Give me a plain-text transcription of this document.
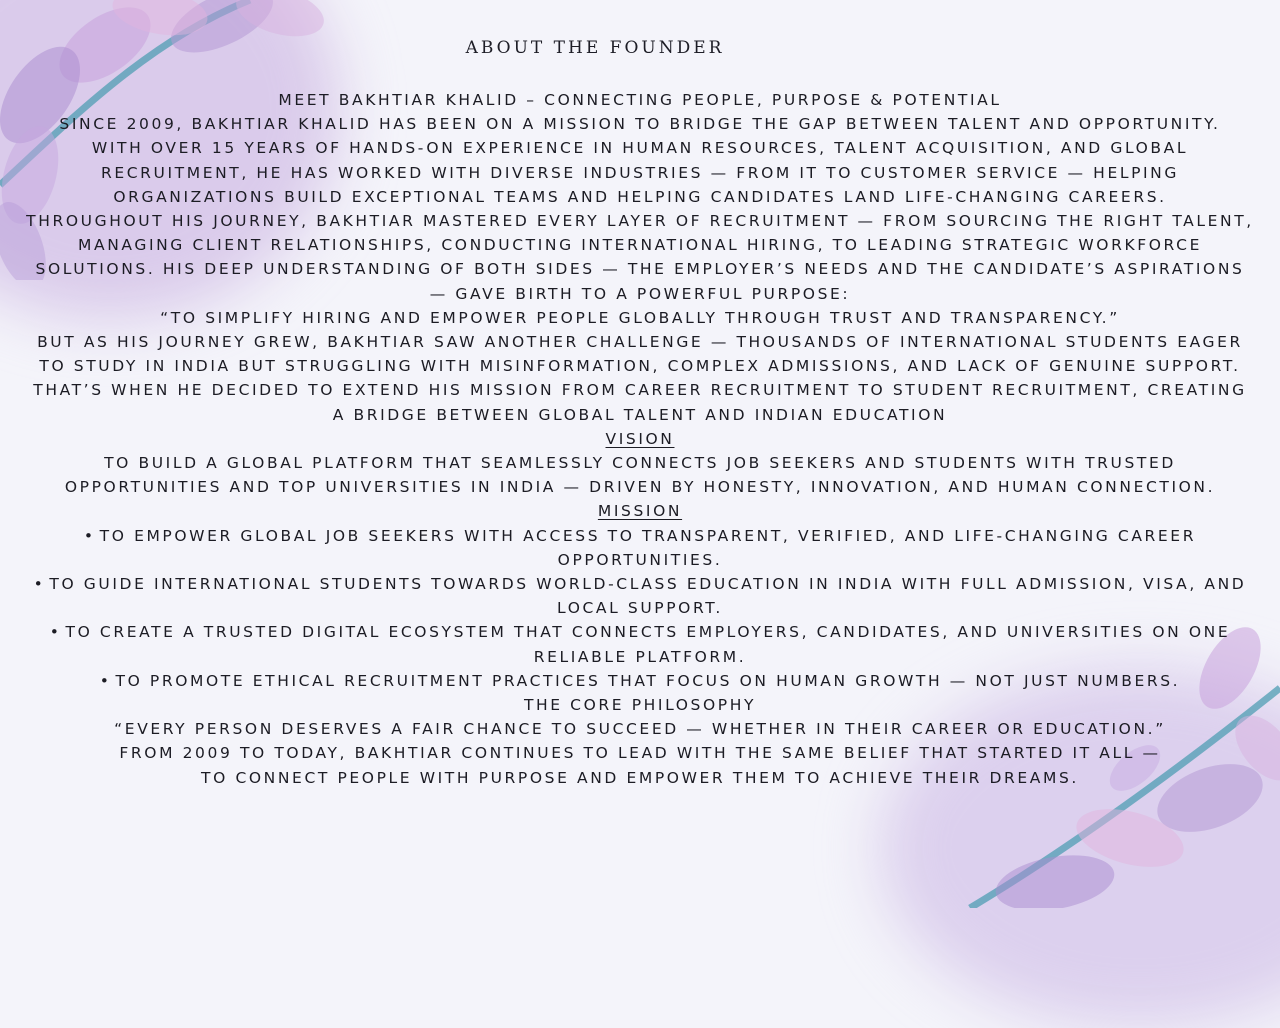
ABOUT THE FOUNDER

MEET BAKHTIAR KHALID – CONNECTING PEOPLE, PURPOSE & POTENTIAL

SINCE 2009, BAKHTIAR KHALID HAS BEEN ON A MISSION TO BRIDGE THE GAP BETWEEN TALENT AND OPPORTUNITY.

WITH OVER 15 YEARS OF HANDS-ON EXPERIENCE IN HUMAN RESOURCES, TALENT ACQUISITION, AND GLOBAL RECRUITMENT, HE HAS WORKED WITH DIVERSE INDUSTRIES — FROM IT TO CUSTOMER SERVICE — HELPING ORGANIZATIONS BUILD EXCEPTIONAL TEAMS AND HELPING CANDIDATES LAND LIFE-CHANGING CAREERS.

THROUGHOUT HIS JOURNEY, BAKHTIAR MASTERED EVERY LAYER OF RECRUITMENT — FROM SOURCING THE RIGHT TALENT, MANAGING CLIENT RELATIONSHIPS, CONDUCTING INTERNATIONAL HIRING, TO LEADING STRATEGIC WORKFORCE SOLUTIONS. HIS DEEP UNDERSTANDING OF BOTH SIDES — THE EMPLOYER’S NEEDS AND THE CANDIDATE’S ASPIRATIONS — GAVE BIRTH TO A POWERFUL PURPOSE:

“TO SIMPLIFY HIRING AND EMPOWER PEOPLE GLOBALLY THROUGH TRUST AND TRANSPARENCY.”

BUT AS HIS JOURNEY GREW, BAKHTIAR SAW ANOTHER CHALLENGE — THOUSANDS OF INTERNATIONAL STUDENTS EAGER TO STUDY IN INDIA BUT STRUGGLING WITH MISINFORMATION, COMPLEX ADMISSIONS, AND LACK OF GENUINE SUPPORT.

THAT’S WHEN HE DECIDED TO EXTEND HIS MISSION FROM CAREER RECRUITMENT TO STUDENT RECRUITMENT, CREATING A BRIDGE BETWEEN GLOBAL TALENT AND INDIAN EDUCATION

VISION

TO BUILD A GLOBAL PLATFORM THAT SEAMLESSLY CONNECTS JOB SEEKERS AND STUDENTS WITH TRUSTED OPPORTUNITIES AND TOP UNIVERSITIES IN INDIA — DRIVEN BY HONESTY, INNOVATION, AND HUMAN CONNECTION.

MISSION
• TO EMPOWER GLOBAL JOB SEEKERS WITH ACCESS TO TRANSPARENT, VERIFIED, AND LIFE-CHANGING CAREER OPPORTUNITIES.
• TO GUIDE INTERNATIONAL STUDENTS TOWARDS WORLD-CLASS EDUCATION IN INDIA WITH FULL ADMISSION, VISA, AND LOCAL SUPPORT.
• TO CREATE A TRUSTED DIGITAL ECOSYSTEM THAT CONNECTS EMPLOYERS, CANDIDATES, AND UNIVERSITIES ON ONE RELIABLE PLATFORM.
• TO PROMOTE ETHICAL RECRUITMENT PRACTICES THAT FOCUS ON HUMAN GROWTH — NOT JUST NUMBERS.

THE CORE PHILOSOPHY

“EVERY PERSON DESERVES A FAIR CHANCE TO SUCCEED — WHETHER IN THEIR CAREER OR EDUCATION.”

FROM 2009 TO TODAY, BAKHTIAR CONTINUES TO LEAD WITH THE SAME BELIEF THAT STARTED IT ALL —

TO CONNECT PEOPLE WITH PURPOSE AND EMPOWER THEM TO ACHIEVE THEIR DREAMS.
